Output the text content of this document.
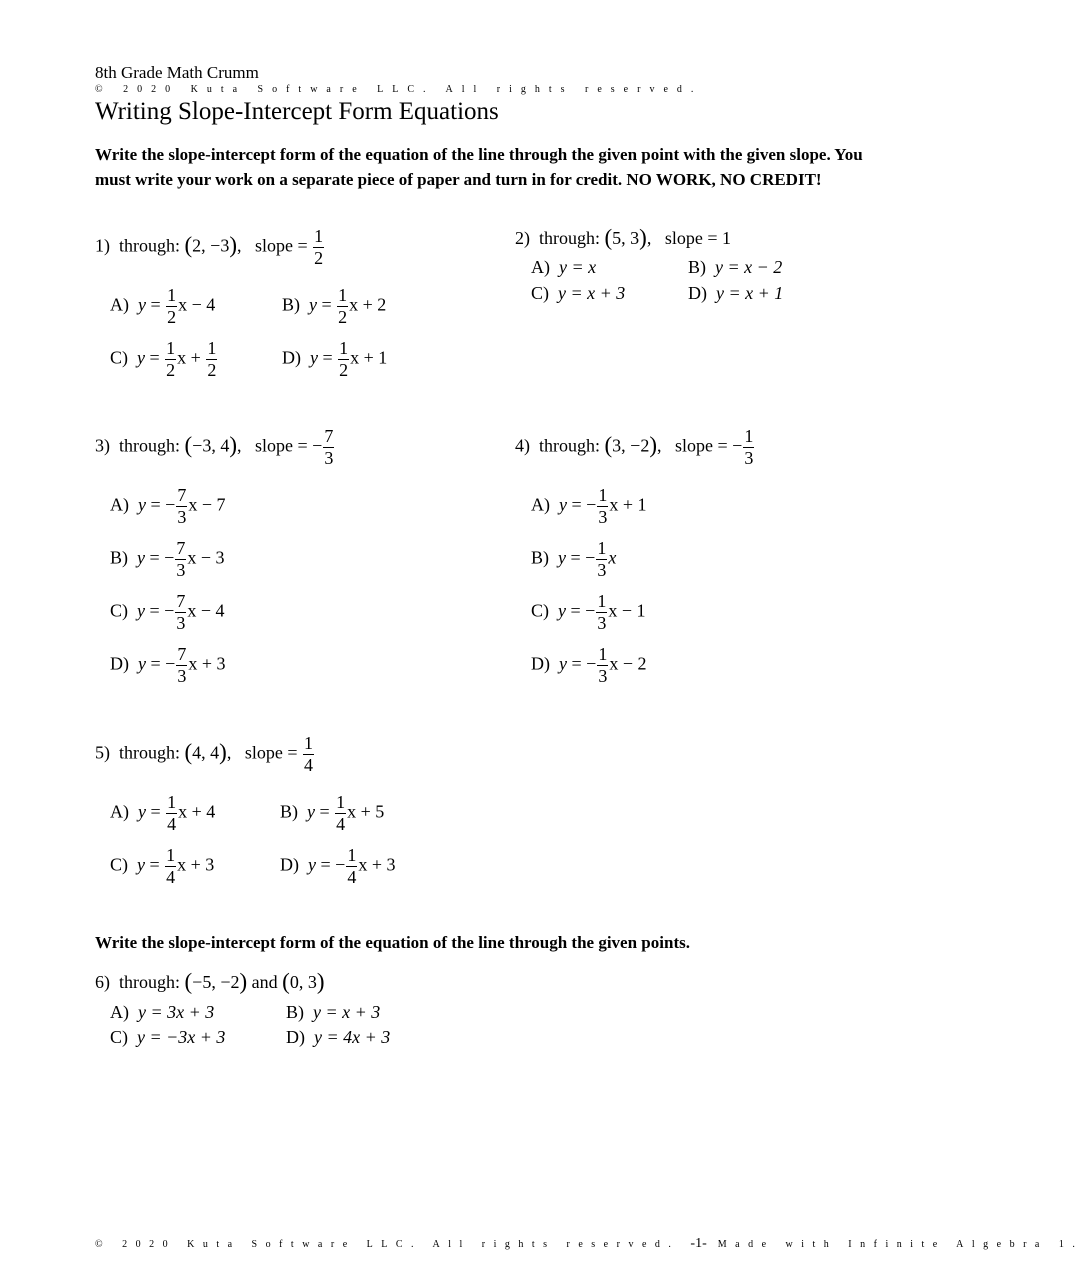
8th Grade Math Crumm
© 2020 Kuta Software LLC. All rights reserved.
Writing Slope-Intercept Form Equations
Write the slope-intercept form of the equation of the line through the given point with the given slope. You must write your work on a separate piece of paper and turn in for credit. NO WORK, NO CREDIT!
1) through: (2, −3),   slope = $\frac{1}{2}$
A) $y = \frac{1}{2}$ x − 4	B) $y = \frac{1}{2}$ x + 2
C) $y = \frac{1}{2}$ $x + \frac{1}{2}$	D) $y = \frac{1}{2}$ x + 1
2) through: (5, 3),   slope = 1
A) y = x	B) y = x − 2
C) y = x + 3	D) y = x + 1
3) through: (−3, 4),   slope = − $\frac{7}{3}$
A) y = − $\frac{7}{3}$ x − 7
B) y = − $\frac{7}{3}$ x − 3
C) y = − $\frac{7}{3}$ x − 4
D) y = − $\frac{7}{3}$ x + 3
4) through: (3, −2),   slope = − $\frac{1}{3}$
A) y = − $\frac{1}{3}$ x + 1
B) y = − $\frac{1}{3}$ x
C) y = − $\frac{1}{3}$ x − 1
D) y = − $\frac{1}{3}$ x − 2
5) through: (4, 4),   slope = $\frac{1}{4}$
A) $y = \frac{1}{4}$ x + 4	B) $y = \frac{1}{4}$ x + 5
C) $y = \frac{1}{4}$ x + 3	D) y = − $\frac{1}{4}$ x + 3
Write the slope-intercept form of the equation of the line through the given points.
6) through: (−5, −2) and (0, 3)
A) y = 3x + 3	B) y = x + 3
C) y = −3x + 3	D) y = 4x + 3
© 2020 Kuta Software LLC. All rights reserved. -1- Made with Infinite Algebra 1.
